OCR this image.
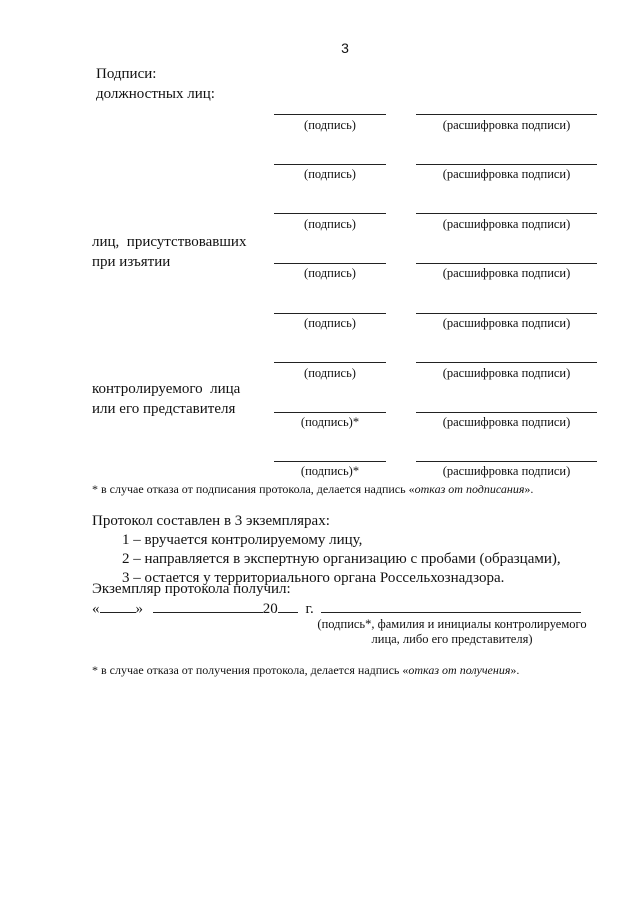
3
Подписи:
должностных лиц:
(подпись)	(расшифровка подписи)
(подпись)	(расшифровка подписи)
(подпись)	(расшифровка подписи)
(подпись)	(расшифровка подписи)
(подпись)	(расшифровка подписи)
(подпись)	(расшифровка подписи)
(подпись)*	(расшифровка подписи)
(подпись)*	(расшифровка подписи)
лиц,  присутствовавших
при изъятии
контролируемого  лица
или его представителя
* в случае отказа от подписания протокола, делается надпись «отказ от подписания».
Протокол составлен в 3 экземплярах:
1 – вручается контролируемому лицу,
2 – направляется в экспертную организацию с пробами (образцами),
3 – остается у территориального органа Россельхознадзора.
Экземпляр протокола получил:
« »	20 г.
(подпись*, фамилия и инициалы контролируемого лица, либо его представителя)
* в случае отказа от получения протокола, делается надпись «отказ от получения».
